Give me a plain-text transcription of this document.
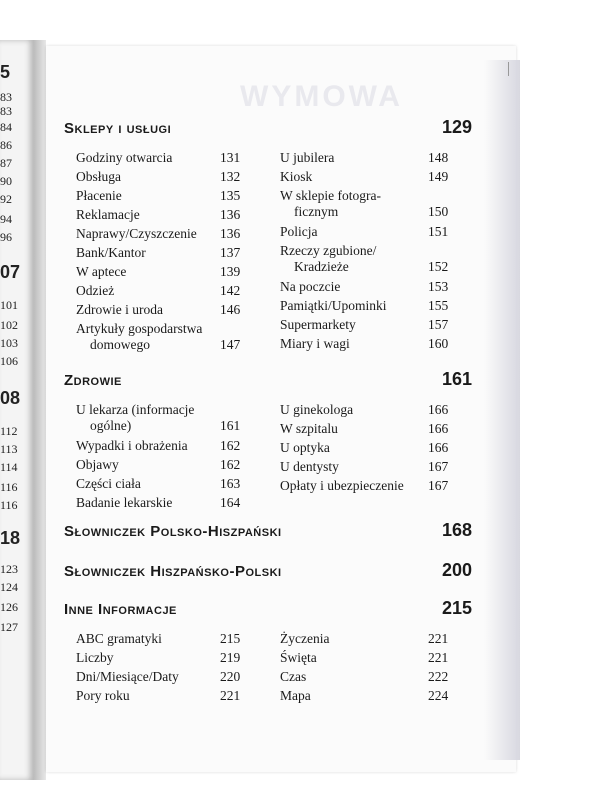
5
83
83
84
86
87
90
92
94
96
07
101
102
103
106
08
112
113
114
116
116
18
123
124
126
127
WYMOWA
Sklepy i usługi	129
Godziny otwarcia	131
Obsługa	132
Płacenie	135
Reklamacje	136
Naprawy/Czyszczenie 136
Bank/Kantor	137
W aptece	139
Odzież	142
Zdrowie i uroda	146
Artykuły gospodarstwa
domowego	147
U jubilera	148
Kiosk	149
W sklepie fotogra-
ficznym	150
Policja	151
Rzeczy zgubione/
Kradzieże	152
Na poczcie	153
Pamiątki/Upominki	155
Supermarkety	157
Miary i wagi	160
Zdrowie	161
U lekarza (informacje
ogólne)	161
Wypadki i obrażenia 162
Objawy	162
Części ciała	163
Badanie lekarskie	164
U ginekologa	166
W szpitalu	166
U optyka	166
U dentysty	167
Opłaty i ubezpieczenie 167
Słowniczek Polsko-Hiszpański	168
Słowniczek Hiszpańsko-Polski	200
Inne Informacje	215
ABC gramatyki	215
Liczby	219
Dni/Miesiące/Daty	220
Pory roku	221
Życzenia	221
Święta	221
Czas	222
Mapa	224
